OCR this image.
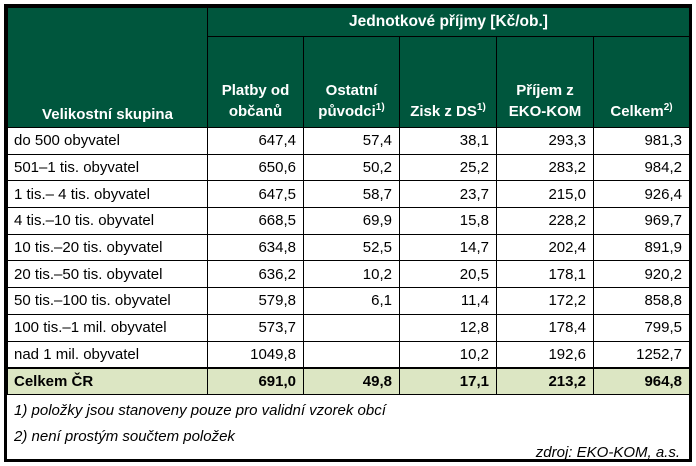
Velikostní skupina	Jednotkové příjmy [Kč/ob.]				
	Platby od občanů	Ostatní původci$^{1)}$	Zisk z DS$^{1)}$	Příjem z EKO-KOM	Celkem$^{2)}$
do 500 obyvatel	647,4	57,4	38,1	293,3	981,3
501–1 tis. obyvatel	650,6	50,2	25,2	283,2	984,2
1 tis.– 4 tis. obyvatel	647,5	58,7	23,7	215,0	926,4
4 tis.–10 tis. obyvatel	668,5	69,9	15,8	228,2	969,7
10 tis.–20 tis. obyvatel	634,8	52,5	14,7	202,4	891,9
20 tis.–50 tis. obyvatel	636,2	10,2	20,5	178,1	920,2
50 tis.–100 tis. obyvatel	579,8	6,1	11,4	172,2	858,8
100 tis.–1 mil. obyvatel	573,7		12,8	178,4	799,5
nad 1 mil. obyvatel	1049,8		10,2	192,6	1252,7
Celkem ČR	691,0	49,8	17,1	213,2	964,8
1) položky jsou stanoveny pouze pro validní vzorek obcí
2) není prostým součtem položek
zdroj: EKO-KOM, a.s.
